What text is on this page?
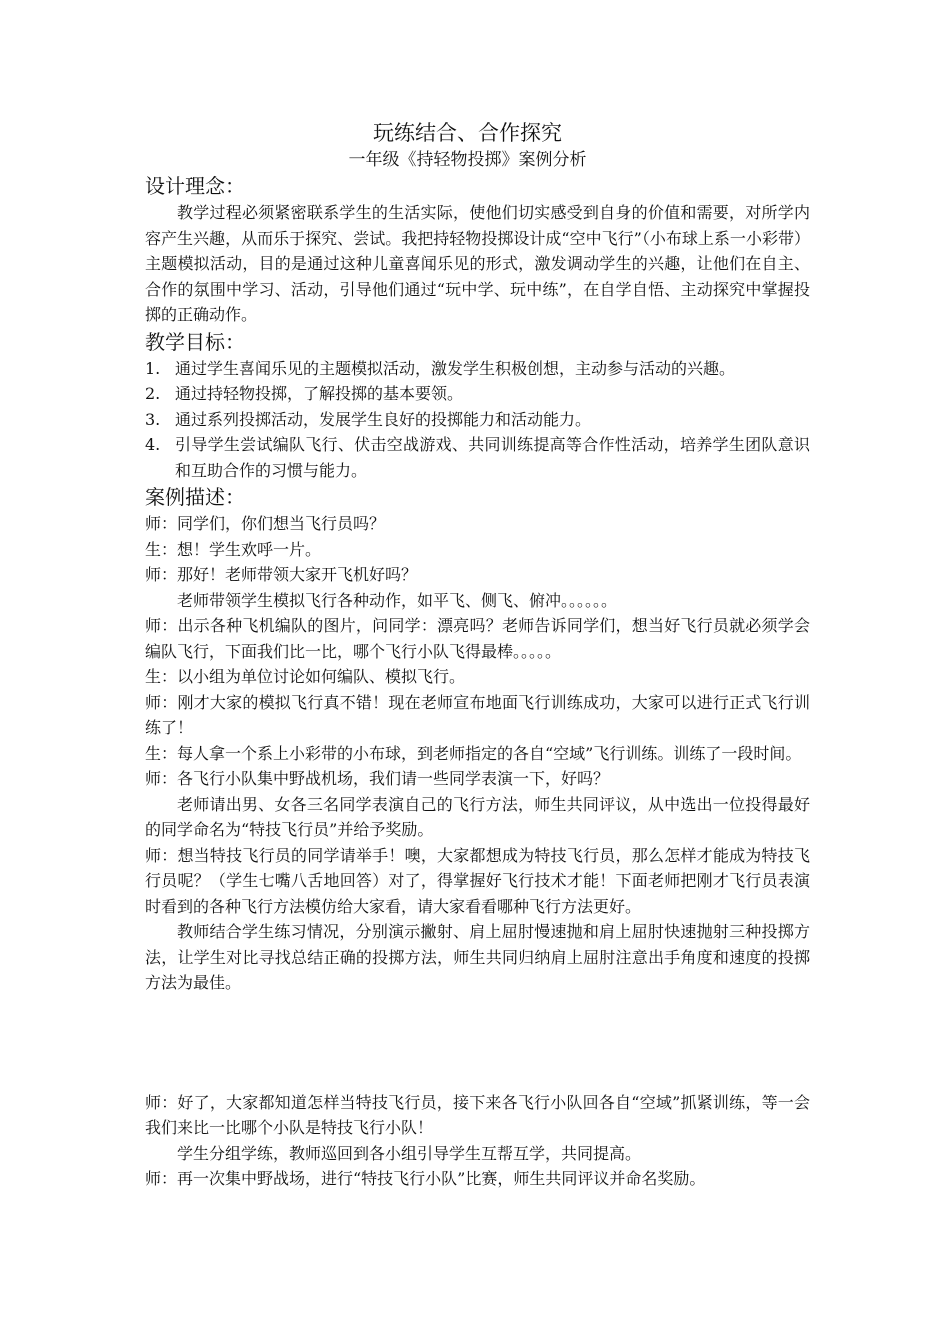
玩练结合、合作探究
一年级《持轻物投掷》案例分析
设计理念：
教学过程必须紧密联系学生的生活实际，使他们切实感受到自身的价值和需要，对所学内容产生兴趣，从而乐于探究、尝试。我把持轻物投掷设计成“空中飞行”（小布球上系一小彩带）主题模拟活动，目的是通过这种儿童喜闻乐见的形式，激发调动学生的兴趣，让他们在自主、合作的氛围中学习、活动，引导他们通过“玩中学、玩中练”，在自学自悟、主动探究中掌握投掷的正确动作。
教学目标：
1. 通过学生喜闻乐见的主题模拟活动，激发学生积极创想，主动参与活动的兴趣。
2. 通过持轻物投掷，了解投掷的基本要领。
3. 通过系列投掷活动，发展学生良好的投掷能力和活动能力。
4. 引导学生尝试编队飞行、伏击空战游戏、共同训练提高等合作性活动，培养学生团队意识和互助合作的习惯与能力。
案例描述：
师：同学们，你们想当飞行员吗？
生：想！学生欢呼一片。
师：那好！老师带领大家开飞机好吗？
老师带领学生模拟飞行各种动作，如平飞、侧飞、俯冲。。。。。。
师：出示各种飞机编队的图片，问同学：漂亮吗？老师告诉同学们，想当好飞行员就必须学会编队飞行，下面我们比一比，哪个飞行小队飞得最棒。。。。。
生：以小组为单位讨论如何编队、模拟飞行。
师：刚才大家的模拟飞行真不错！现在老师宣布地面飞行训练成功，大家可以进行正式飞行训练了！
生：每人拿一个系上小彩带的小布球，到老师指定的各自“空域”飞行训练。训练了一段时间。
师：各飞行小队集中野战机场，我们请一些同学表演一下，好吗？
老师请出男、女各三名同学表演自己的飞行方法，师生共同评议，从中选出一位投得最好的同学命名为“特技飞行员”并给予奖励。
师：想当特技飞行员的同学请举手！噢，大家都想成为特技飞行员，那么怎样才能成为特技飞行员呢？（学生七嘴八舌地回答）对了，得掌握好飞行技术才能！下面老师把刚才飞行员表演时看到的各种飞行方法模仿给大家看，请大家看看哪种飞行方法更好。
教师结合学生练习情况，分别演示撇射、肩上屈肘慢速抛和肩上屈肘快速抛射三种投掷方法，让学生对比寻找总结正确的投掷方法，师生共同归纳肩上屈肘注意出手角度和速度的投掷方法为最佳。
师：好了，大家都知道怎样当特技飞行员，接下来各飞行小队回各自“空域”抓紧训练，等一会我们来比一比哪个小队是特技飞行小队！
学生分组学练，教师巡回到各小组引导学生互帮互学，共同提高。
师：再一次集中野战场，进行“特技飞行小队”比赛，师生共同评议并命名奖励。
